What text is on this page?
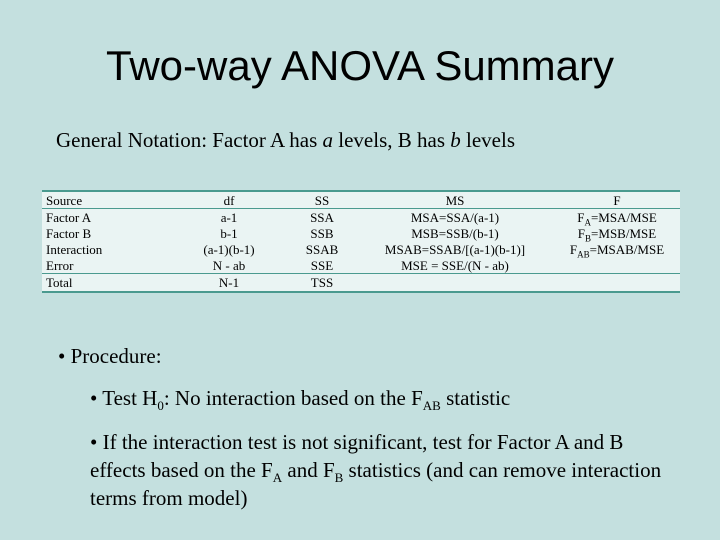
Two-way ANOVA Summary
General Notation: Factor A has a levels, B has b levels
Source	df	SS	MS	F
Factor A	a-1	SSA	MSA=SSA/(a-1)	$F_A=MSA$/MSE
Factor B	b-1	SSB	MSB=SSB/(b-1)	$F_B=MSB$/MSE
Interaction	(a-1)(b-1)	SSAB	MSAB=SSAB/[(a-1)(b-1)]	$F_{AB}=MSAB$/MSE
Error	N - ab	SSE	MSE = SSE/(N - ab)	
Total	N-1	TSS		
• Procedure:
• Test $H_0$: No interaction based on the $F_{AB}$ statistic
• If the interaction test is not significant, test for Factor A and B effects based on the $F_A$ and $F_B$ statistics (and can remove interaction terms from model)
